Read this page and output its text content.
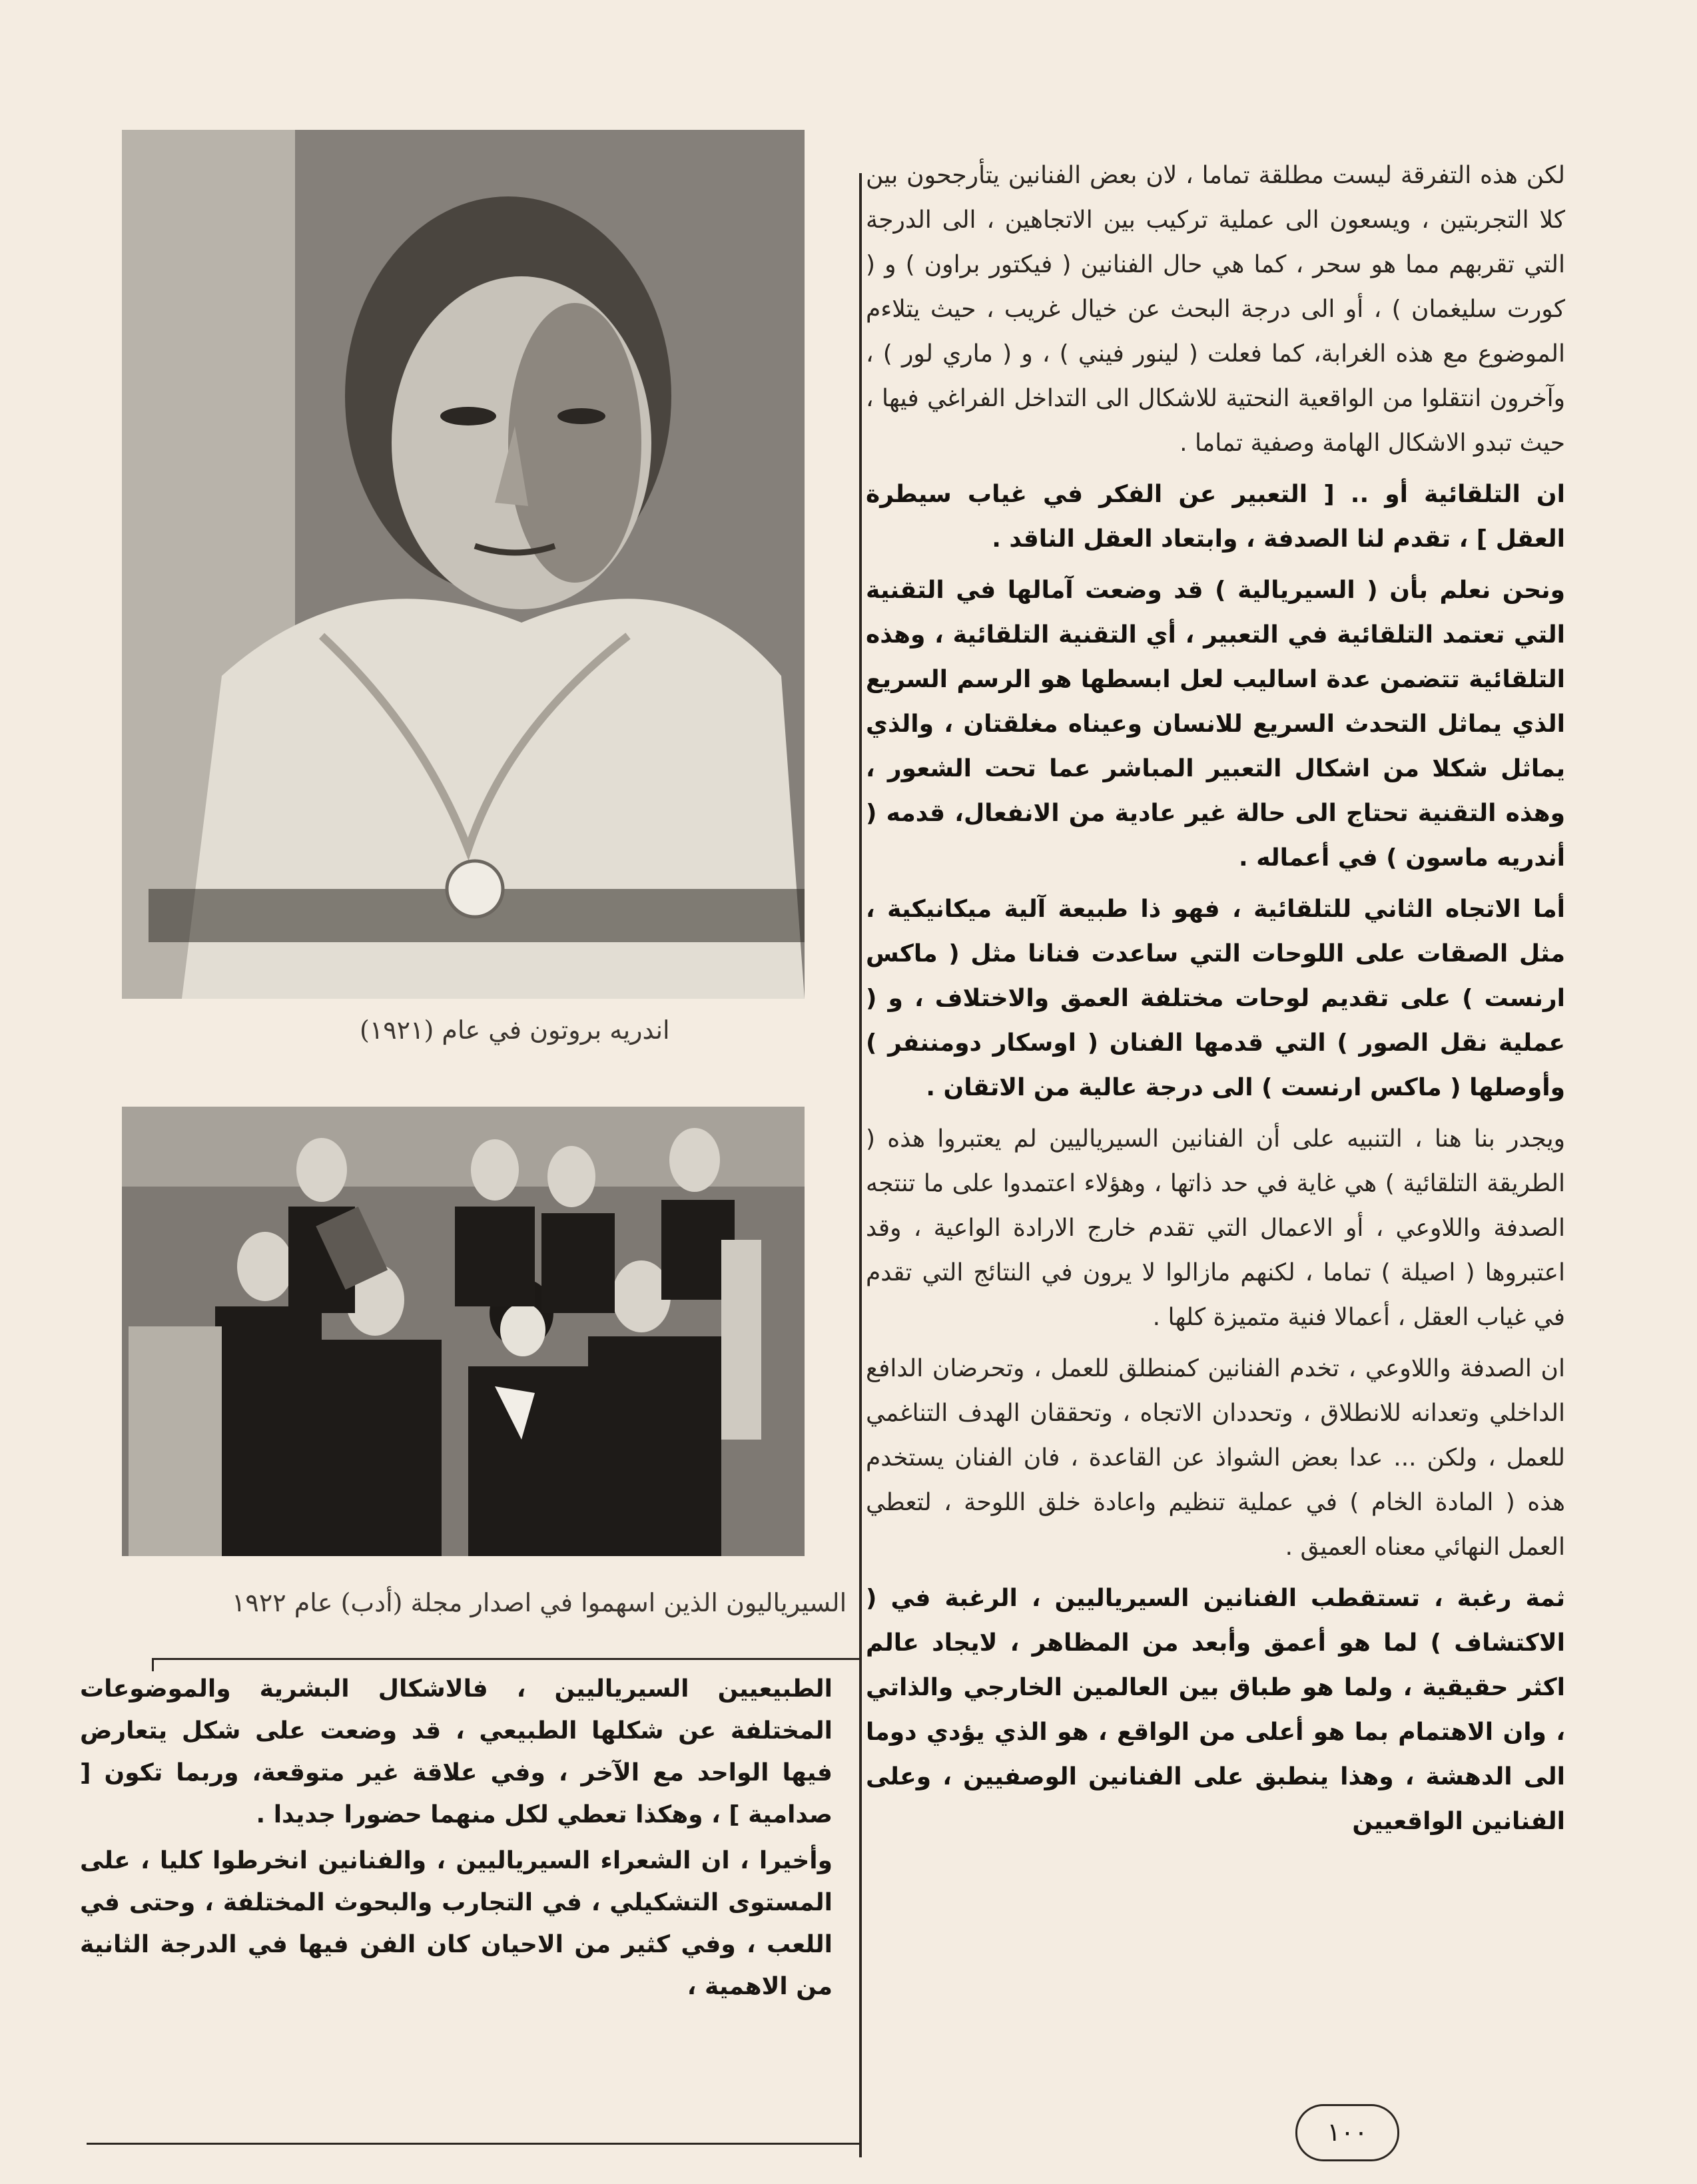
اندريه بروتون في عام (١٩٢١)
السيرياليون الذين اسهموا في اصدار مجلة (أدب) عام ١٩٢٢

لكن هذه التفرقة ليست مطلقة تماما ، لان بعض الفنانين يتأرجحون بين كلا التجربتين ، ويسعون الى عملية تركيب بين الاتجاهين ، الى الدرجة التي تقربهم مما هو سحر ، كما هي حال الفنانين ( فيكتور براون ) و ( كورت سليغمان ) ، أو الى درجة البحث عن خيال غريب ، حيث يتلاءم الموضوع مع هذه الغرابة، كما فعلت ( لينور فيني ) ، و ( ماري لور ) ، وآخرون انتقلوا من الواقعية النحتية للاشكال الى التداخل الفراغي فيها ، حيث تبدو الاشكال الهامة وصفية تماما .

ان التلقائية أو .. [ التعبير عن الفكر في غياب سيطرة العقل ] ، تقدم لنا الصدفة ، وابتعاد العقل الناقد .

ونحن نعلم بأن ( السيريالية ) قد وضعت آمالها في التقنية التي تعتمد التلقائية في التعبير ، أي التقنية التلقائية ، وهذه التلقائية تتضمن عدة اساليب لعل ابسطها هو الرسم السريع الذي يماثل التحدث السريع للانسان وعيناه مغلقتان ، والذي يماثل شكلا من اشكال التعبير المباشر عما تحت الشعور ، وهذه التقنية تحتاج الى حالة غير عادية من الانفعال، قدمه ( أندريه ماسون ) في أعماله .

أما الاتجاه الثاني للتلقائية ، فهو ذا طبيعة آلية ميكانيكية ، مثل الصقات على اللوحات التي ساعدت فنانا مثل ( ماكس ارنست ) على تقديم لوحات مختلفة العمق والاختلاف ، و ( عملية نقل الصور ) التي قدمها الفنان ( اوسكار دومننفر ) وأوصلها ( ماكس ارنست ) الى درجة عالية من الاتقان .

ويجدر بنا هنا ، التنبيه على أن الفنانين السيرياليين لم يعتبروا هذه ( الطريقة التلقائية ) هي غاية في حد ذاتها ، وهؤلاء اعتمدوا على ما تنتجه الصدفة واللاوعي ، أو الاعمال التي تقدم خارج الارادة الواعية ، وقد اعتبروها ( اصيلة ) تماما ، لكنهم مازالوا لا يرون في النتائج التي تقدم في غياب العقل ، أعمالا فنية متميزة كلها .

ان الصدفة واللاوعي ، تخدم الفنانين كمنطلق للعمل ، وتحرضان الدافع الداخلي وتعدانه للانطلاق ، وتحددان الاتجاه ، وتحققان الهدف التناغمي للعمل ، ولكن ... عدا بعض الشواذ عن القاعدة ، فان الفنان يستخدم هذه ( المادة الخام ) في عملية تنظيم واعادة خلق اللوحة ، لتعطي العمل النهائي معناه العميق .

ثمة رغبة ، تستقطب الفنانين السيرياليين ، الرغبة في ( الاكتشاف ) لما هو أعمق وأبعد من المظاهر ، لايجاد عالم اكثر حقيقية ، ولما هو طباق بين العالمين الخارجي والذاتي ، وان الاهتمام بما هو أعلى من الواقع ، هو الذي يؤدي دوما الى الدهشة ، وهذا ينطبق على الفنانين الوصفيين ، وعلى الفنانين الواقعيين

الطبيعيين السيرياليين ، فالاشكال البشرية والموضوعات المختلفة عن شكلها الطبيعي ، قد وضعت على شكل يتعارض فيها الواحد مع الآخر ، وفي علاقة غير متوقعة، وربما تكون [ صدامية ] ، وهكذا تعطي لكل منهما حضورا جديدا .

وأخيرا ، ان الشعراء السيرياليين ، والفنانين انخرطوا كليا ، على المستوى التشكيلي ، في التجارب والبحوث المختلفة ، وحتى في اللعب ، وفي كثير من الاحيان كان الفن فيها في الدرجة الثانية من الاهمية ،

١٠٠
